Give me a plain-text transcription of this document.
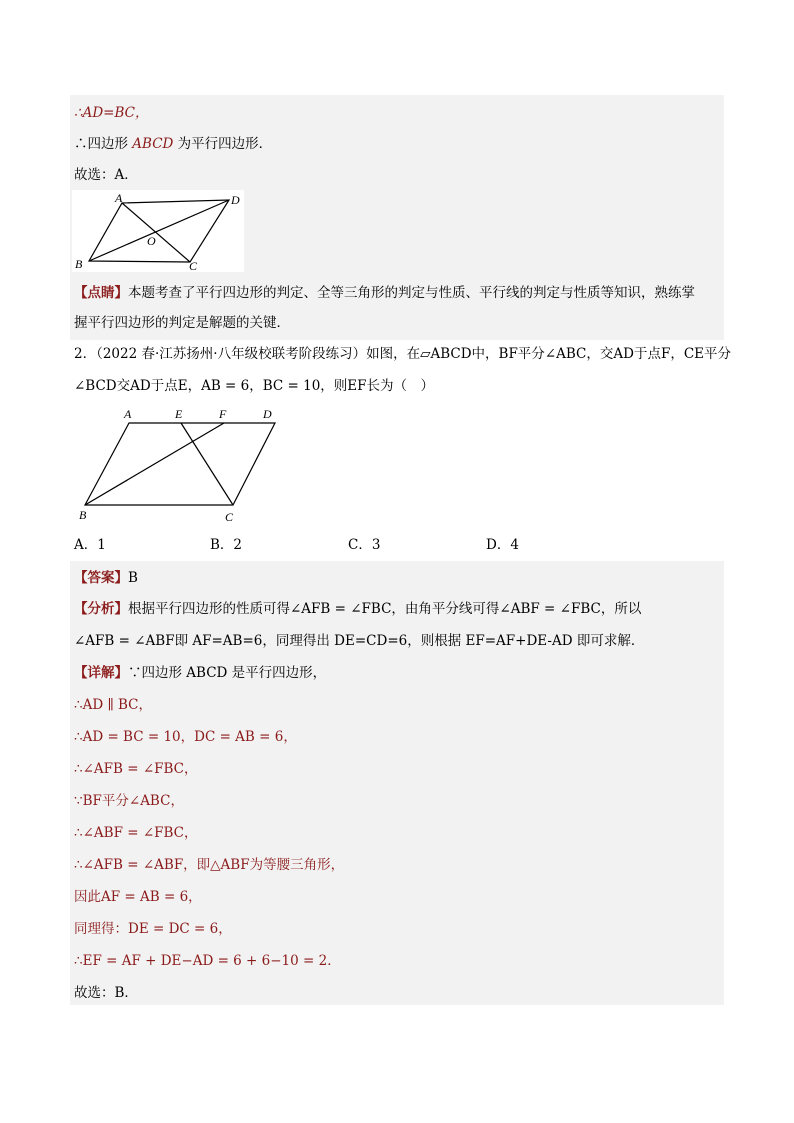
∴AD=BC，
∴四边形 ABCD 为平行四边形．
故选：A．
A	D
O
B	C
【点睛】本题考查了平行四边形的判定、全等三角形的判定与性质、平行线的判定与性质等知识，熟练掌
握平行四边形的判定是解题的关键．
2．（2022 春·江苏扬州·八年级校联考阶段练习）如图，在▱ABCD中，BF平分∠ABC，交AD于点F，CE平分
∠BCD交AD于点E，AB = 6，BC = 10，则EF长为（　）
A	E	F	D
B	C
A．1	B．2	C．3	D．4
【答案】B
【分析】根据平行四边形的性质可得∠AFB = ∠FBC，由角平分线可得∠ABF = ∠FBC，所以
∠AFB = ∠ABF即 AF=AB=6，同理得出 DE=CD=6，则根据 EF=AF+DE-AD 即可求解．
【详解】∵四边形 ABCD 是平行四边形，
∴AD ∥ BC，
∴AD = BC = 10，DC = AB = 6，
∴∠AFB = ∠FBC，
∵BF平分∠ABC，
∴∠ABF = ∠FBC，
∴∠AFB = ∠ABF，即△ABF为等腰三角形，
因此AF = AB = 6，
同理得：DE = DC = 6，
∴EF = AF + DE−AD = 6 + 6−10 = 2．
故选：B．
